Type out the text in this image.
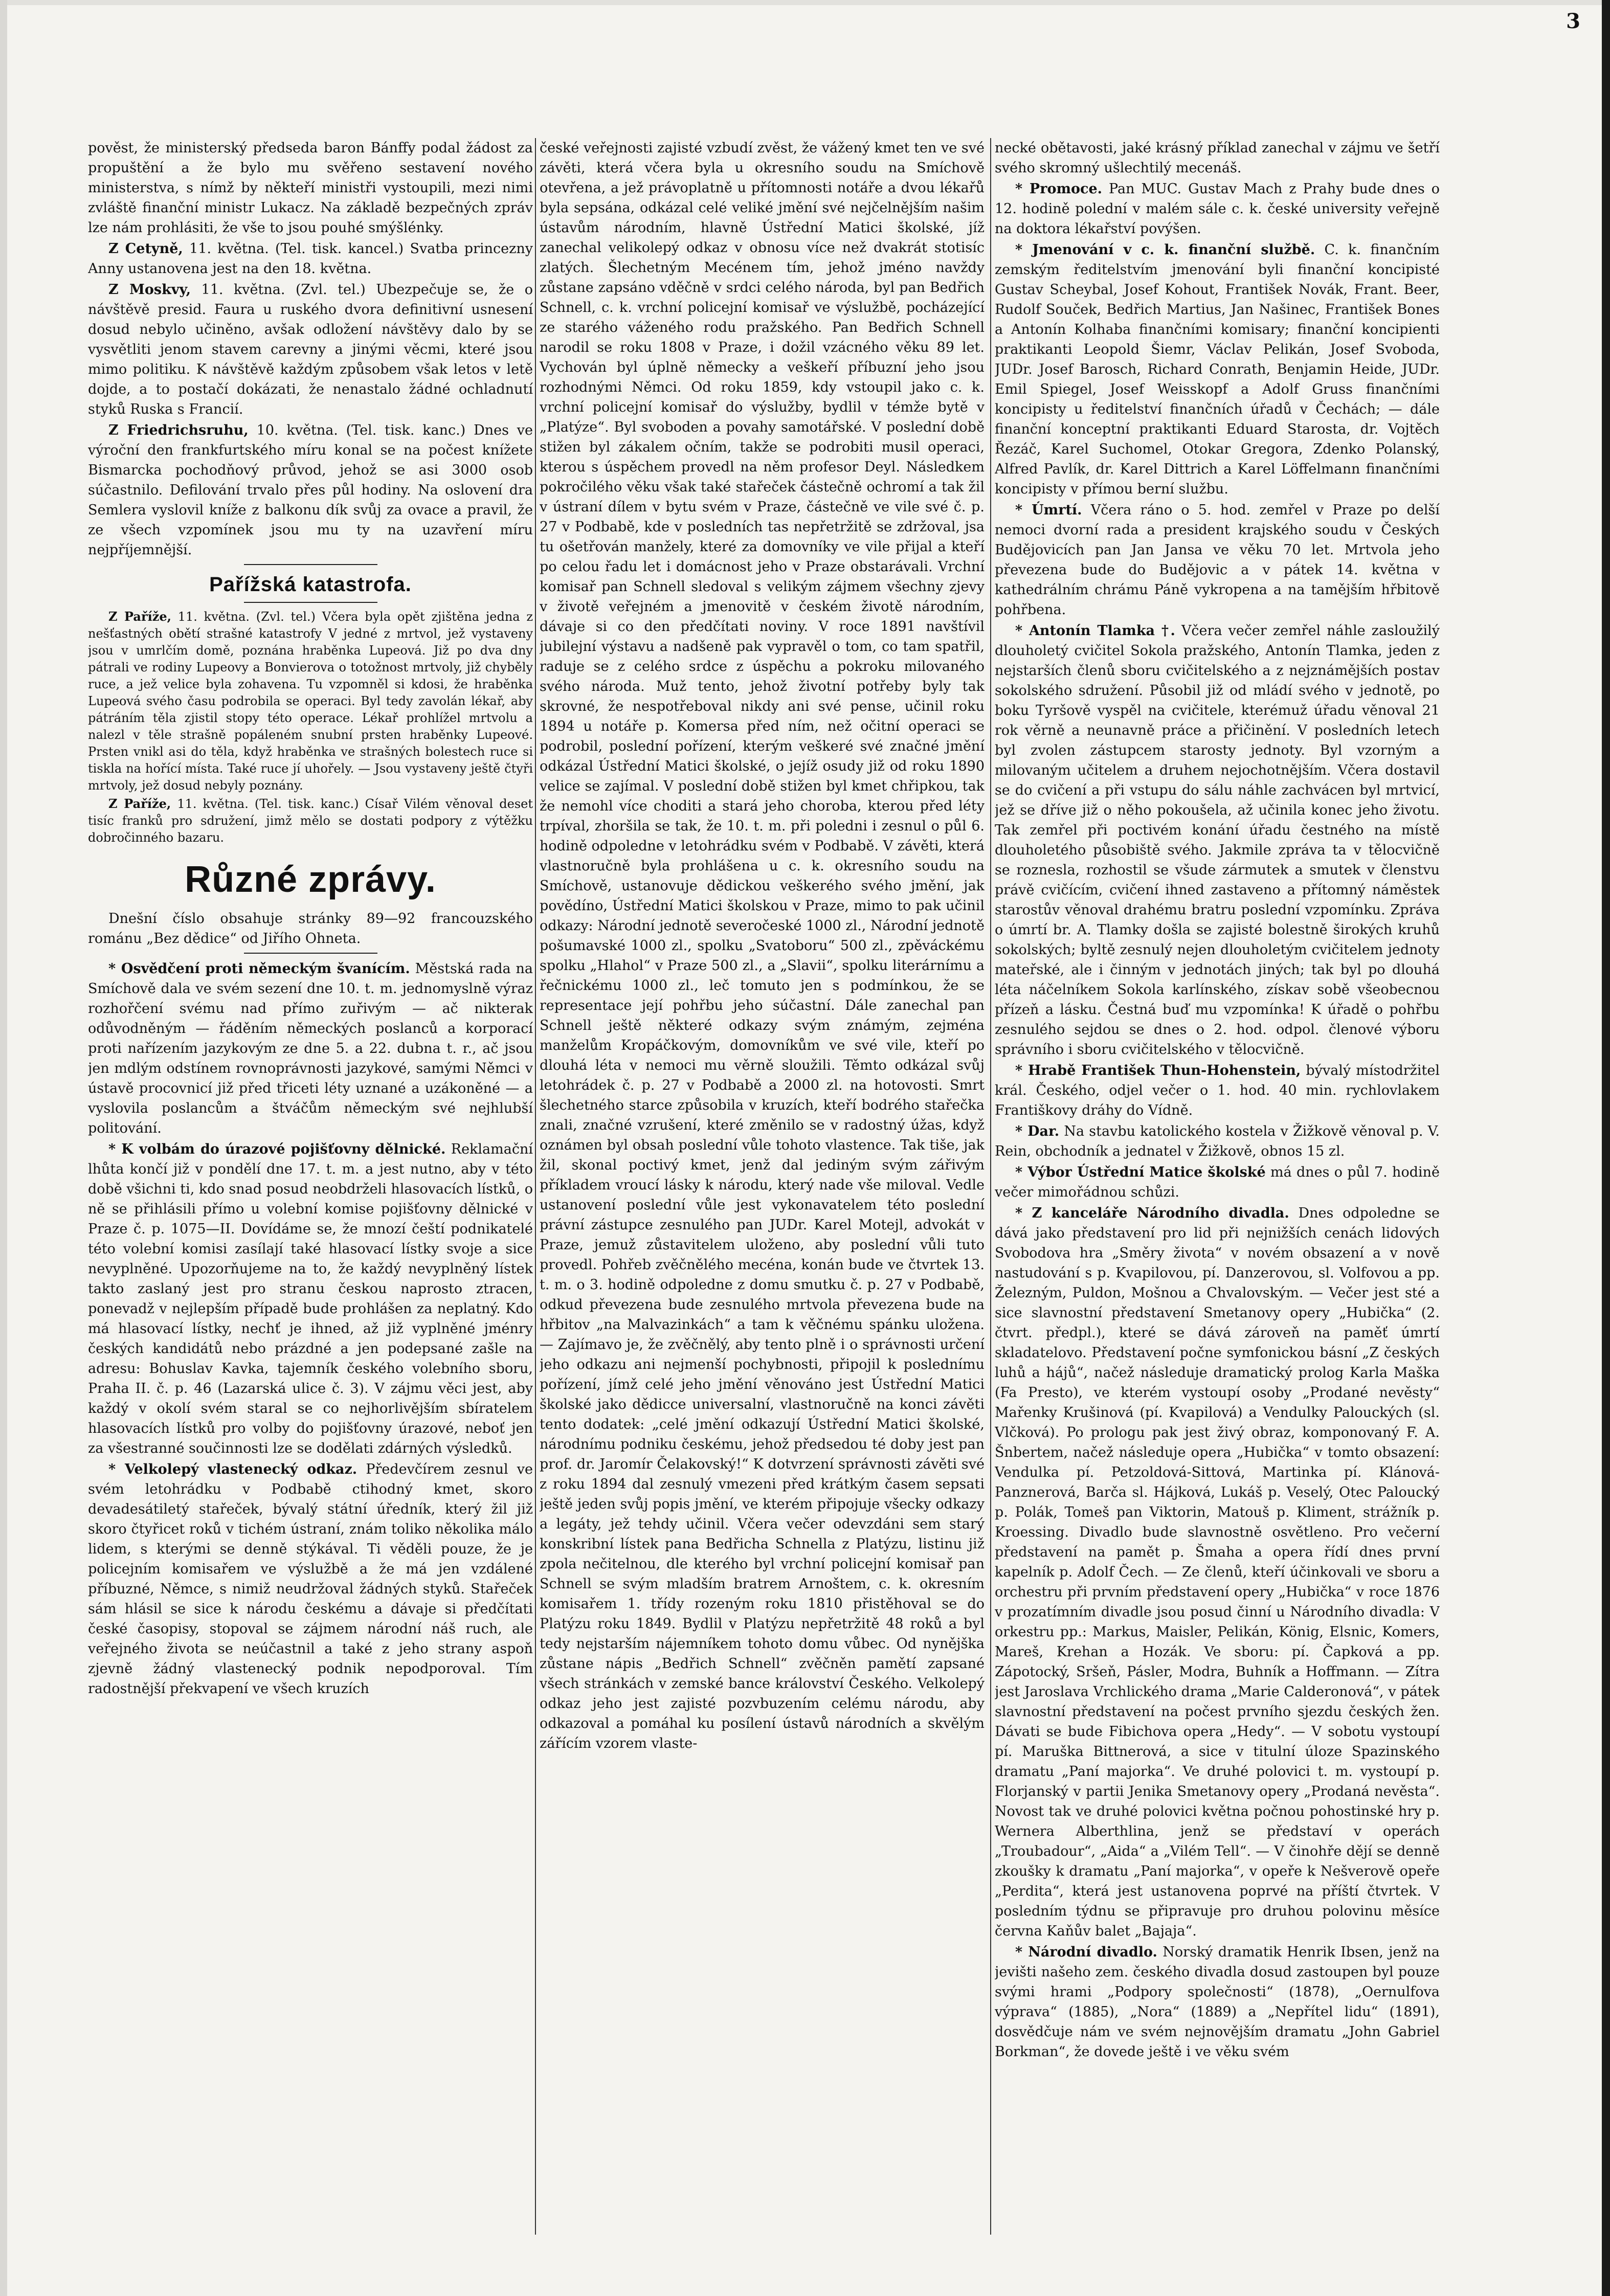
3

pověst, že ministerský předseda baron Bánffy podal žádost za propuštění a že bylo mu svěřeno sestavení nového ministerstva, s nímž by někteří ministři vystoupili, mezi nimi zvláště finanční ministr Lukacz. Na základě bezpečných zpráv lze nám prohlásiti, že vše to jsou pouhé smýšlénky.

Z Cetyně, 11. května. (Tel. tisk. kancel.) Svatba princezny Anny ustanovena jest na den 18. května.

Z Moskvy, 11. května. (Zvl. tel.) Ubezpečuje se, že o návštěvě presid. Faura u ruského dvora definitivní usnesení dosud nebylo učiněno, avšak odložení návštěvy dalo by se vysvětliti jenom stavem carevny a jinými věcmi, které jsou mimo politiku. K návštěvě každým způsobem však letos v letě dojde, a to postačí dokázati, že nenastalo žádné ochladnutí styků Ruska s Francií.

Z Friedrichsruhu, 10. května. (Tel. tisk. kanc.) Dnes ve výroční den frankfurtského míru konal se na počest knížete Bismarcka pochodňový průvod, jehož se asi 3000 osob súčastnilo. Defilování trvalo přes půl hodiny. Na oslovení dra Semlera vyslovil kníže z balkonu dík svůj za ovace a pravil, že ze všech vzpomínek jsou mu ty na uzavření míru nejpříjemnější.

Pařížská katastrofa.

Z Paříže, 11. května. (Zvl. tel.) Včera byla opět zjištěna jedna z nešťastných obětí strašné katastrofy V jedné z mrtvol, jež vystaveny jsou v umrlčím domě, poznána hraběnka Lupeová. Již po dva dny pátrali ve rodiny Lupeovy a Bonvierova o totožnost mrtvoly, již chyběly ruce, a jež velice byla zohavena. Tu vzpomněl si kdosi, že hraběnka Lupeová svého času podrobila se operaci. Byl tedy zavolán lékař, aby pátráním těla zjistil stopy této operace. Lékař prohlížel mrtvolu a nalezl v těle strašně popáleném snubní prsten hraběnky Lupeové. Prsten vnikl asi do těla, když hraběnka ve strašných bolestech ruce si tiskla na hořící místa. Také ruce jí uhořely. — Jsou vystaveny ještě čtyři mrtvoly, jež dosud nebyly poznány.

Z Paříže, 11. května. (Tel. tisk. kanc.) Císař Vilém věnoval deset tisíc franků pro sdružení, jimž mělo se dostati podpory z výtěžku dobročinného bazaru.

Různé zprávy.

Dnešní číslo obsahuje stránky 89—92 francouzského románu „Bez dědice“ od Jiřího Ohneta.

* Osvědčení proti německým švanícím. Městská rada na Smíchově dala ve svém sezení dne 10. t. m. jednomyslně výraz rozhořčení svému nad přímo zuřivým — ač nikterak odůvodněným — řáděním německých poslanců a korporací proti nařízením jazykovým ze dne 5. a 22. dubna t. r., ač jsou jen mdlým odstínem rovnoprávnosti jazykové, samými Němci v ústavě procovnicí již před třiceti léty uznané a uzákoněné — a vyslovila poslancům a štváčům německým své nejhlubší politování.

* K volbám do úrazové pojišťovny dělnické. Reklamační lhůta končí již v pondělí dne 17. t. m. a jest nutno, aby v této době všichni ti, kdo snad posud neobdrželi hlasovacích lístků, o ně se přihlásili přímo u volební komise pojišťovny dělnické v Praze č. p. 1075—II. Dovídáme se, že mnozí čeští podnikatelé této volební komisi zasílají také hlasovací lístky svoje a sice nevyplněné. Upozorňujeme na to, že každý nevyplněný lístek takto zaslaný jest pro stranu českou naprosto ztracen, ponevadž v nejlepším případě bude prohlášen za neplatný. Kdo má hlasovací lístky, nechť je ihned, až již vyplněné jménry českých kandidátů nebo prázdné a jen podepsané zašle na adresu: Bohuslav Kavka, tajemník českého volebního sboru, Praha II. č. p. 46 (Lazarská ulice č. 3). V zájmu věci jest, aby každý v okolí svém staral se co nejhorlivějším sbíratelem hlasovacích lístků pro volby do pojišťovny úrazové, neboť jen za všestranné součinnosti lze se dodělati zdárných výsledků.

* Velkolepý vlastenecký odkaz. Předevčírem zesnul ve svém letohrádku v Podbabě ctihodný kmet, skoro devadesátiletý stařeček, bývalý státní úředník, který žil již skoro čtyřicet roků v tichém ústraní, znám toliko několika málo lidem, s kterými se denně stýkával. Ti věděli pouze, že je policejním komisařem ve výslužbě a že má jen vzdálené příbuzné, Němce, s nimiž neudržoval žádných styků. Stařeček sám hlásil se sice k národu českému a dávaje si předčítati české časopisy, stopoval se zájmem národní náš ruch, ale veřejného života se neúčastnil a také z jeho strany aspoň zjevně žádný vlastenecký podnik nepodporoval. Tím radostnější překvapení ve všech kruzích

české veřejnosti zajisté vzbudí zvěst, že vážený kmet ten ve své závěti, která včera byla u okresního soudu na Smíchově otevřena, a jež právoplatně u přítomnosti notáře a dvou lékařů byla sepsána, odkázal celé veliké jmění své nejčelnějším našim ústavům národním, hlavně Ústřední Matici školské, jíž zanechal velikolepý odkaz v obnosu více než dvakrát stotisíc zlatých. Šlechetným Mecénem tím, jehož jméno navždy zůstane zapsáno vděčně v srdci celého národa, byl pan Bedřich Schnell, c. k. vrchní policejní komisař ve výslužbě, pocházející ze starého váženého rodu pražského. Pan Bedřich Schnell narodil se roku 1808 v Praze, i dožil vzácného věku 89 let. Vychován byl úplně německy a veškeří příbuzní jeho jsou rozhodnými Němci. Od roku 1859, kdy vstoupil jako c. k. vrchní policejní komisař do výslužby, bydlil v témže bytě v „Platýze“. Byl svoboden a povahy samotářské. V poslední době stižen byl zákalem očním, takže se podrobiti musil operaci, kterou s úspěchem provedl na něm profesor Deyl. Následkem pokročilého věku však také stařeček částečně ochromí a tak žil v ústraní dílem v bytu svém v Praze, částečně ve vile své č. p. 27 v Podbabě, kde v posledních tas nepřetržitě se zdržoval, jsa tu ošetřován manžely, které za domovníky ve vile přijal a kteří po celou řadu let i domácnost jeho v Praze obstarávali. Vrchní komisař pan Schnell sledoval s velikým zájmem všechny zjevy v životě veřejném a jmenovitě v českém životě národním, dávaje si co den předčítati noviny. V roce 1891 navštívil jubilejní výstavu a nadšeně pak vypravěl o tom, co tam spatřil, raduje se z celého srdce z úspěchu a pokroku milovaného svého národa. Muž tento, jehož životní potřeby byly tak skrovné, že nespotřeboval nikdy ani své pense, učinil roku 1894 u notáře p. Komersa před ním, než očitní operaci se podrobil, poslední pořízení, kterým veškeré své značné jmění odkázal Ústřední Matici školské, o jejíž osudy již od roku 1890 velice se zajímal. V poslední době stižen byl kmet chřipkou, tak že nemohl více choditi a stará jeho choroba, kterou před léty trpíval, zhoršila se tak, že 10. t. m. při poledni i zesnul o půl 6. hodině odpoledne v letohrádku svém v Podbabě. V závěti, která vlastnoručně byla prohlášena u c. k. okresního soudu na Smíchově, ustanovuje dědickou veškerého svého jmění, jak povědíno, Ústřední Matici školskou v Praze, mimo to pak učinil odkazy: Národní jednotě severočeské 1000 zl., Národní jednotě pošumavské 1000 zl., spolku „Svatoboru“ 500 zl., zpěváckému spolku „Hlahol“ v Praze 500 zl., a „Slavii“, spolku literárnímu a řečnickému 1000 zl., leč tomuto jen s podmínkou, že se representace její pohřbu jeho súčastní. Dále zanechal pan Schnell ještě některé odkazy svým známým, zejména manželům Kropáčkovým, domovníkům ve své vile, kteří po dlouhá léta v nemoci mu věrně sloužili. Těmto odkázal svůj letohrádek č. p. 27 v Podbabě a 2000 zl. na hotovosti. Smrt šlechetného starce způsobila v kruzích, kteří bodrého stařečka znali, značné vzrušení, které změnilo se v radostný úžas, když oznámen byl obsah poslední vůle tohoto vlastence. Tak tiše, jak žil, skonal poctivý kmet, jenž dal jediným svým zářivým příkladem vroucí lásky k národu, který nade vše miloval. Vedle ustanovení poslední vůle jest vykonavatelem této poslední právní zástupce zesnulého pan JUDr. Karel Motejl, advokát v Praze, jemuž zůstavitelem uloženo, aby poslední vůli tuto provedl. Pohřeb zvěčnělého mecéna, konán bude ve čtvrtek 13. t. m. o 3. hodině odpoledne z domu smutku č. p. 27 v Podbabě, odkud převezena bude zesnulého mrtvola převezena bude na hřbitov „na Malvazinkách“ a tam k věčnému spánku uložena. — Zajímavo je, že zvěčnělý, aby tento plně i o správnosti určení jeho odkazu ani nejmenší pochybnosti, připojil k poslednímu pořízení, jímž celé jeho jmění věnováno jest Ústřední Matici školské jako dědicce universalní, vlastnoručně na konci závěti tento dodatek: „celé jmění odkazují Ústřední Matici školské, národnímu podniku českému, jehož předsedou té doby jest pan prof. dr. Jaromír Čelakovský!“ K dotvrzení správnosti závěti své z roku 1894 dal zesnulý vmezeni před krátkým časem sepsati ještě jeden svůj popis jmění, ve kterém připojuje všecky odkazy a legáty, jež tehdy učinil. Včera večer odevzdáni sem starý konskribní lístek pana Bedřicha Schnella z Platýzu, listinu již zpola nečitelnou, dle kterého byl vrchní policejní komisař pan Schnell se svým mladším bratrem Arnoštem, c. k. okresním komisařem 1. třídy rozeným roku 1810 přistěhoval se do Platýzu roku 1849. Bydlil v Platýzu nepřetržitě 48 roků a byl tedy nejstarším nájemníkem tohoto domu vůbec. Od nynějška zůstane nápis „Bedřich Schnell“ zvěčněn pamětí zapsané všech stránkách v zemské bance království Českého. Velkolepý odkaz jeho jest zajisté pozvbuzením celému národu, aby odkazoval a pomáhal ku posílení ústavů národních a skvělým zářícím vzorem vlaste-

necké obětavosti, jaké krásný příklad zanechal v zájmu ve šetří svého skromný ušlechtilý mecenáš.

* Promoce. Pan MUC. Gustav Mach z Prahy bude dnes o 12. hodině polední v malém sále c. k. české university veřejně na doktora lékařství povýšen.

* Jmenování v c. k. finanční službě. C. k. finančním zemským ředitelstvím jmenování byli finanční koncipisté Gustav Scheybal, Josef Kohout, František Novák, Frant. Beer, Rudolf Souček, Bedřich Martius, Jan Našinec, František Bones a Antonín Kolhaba finančními komisary; finanční koncipienti praktikanti Leopold Šiemr, Václav Pelikán, Josef Svoboda, JUDr. Josef Barosch, Richard Conrath, Benjamin Heide, JUDr. Emil Spiegel, Josef Weisskopf a Adolf Gruss finančními koncipisty u ředitelství finančních úřadů v Čechách; — dále finanční konceptní praktikanti Eduard Starosta, dr. Vojtěch Řezáč, Karel Suchomel, Otokar Gregora, Zdenko Polanský, Alfred Pavlík, dr. Karel Dittrich a Karel Löffelmann finančními koncipisty v přímou berní službu.

* Úmrtí. Včera ráno o 5. hod. zemřel v Praze po delší nemoci dvorní rada a president krajského soudu v Českých Budějovicích pan Jan Jansa ve věku 70 let. Mrtvola jeho převezena bude do Budějovic a v pátek 14. května v kathedrálním chrámu Páně vykropena a na tamějším hřbitově pohřbena.

* Antonín Tlamka †. Včera večer zemřel náhle zasloužilý dlouholetý cvičitel Sokola pražského, Antonín Tlamka, jeden z nejstarších členů sboru cvičitelského a z nejznámějších postav sokolského sdružení. Působil již od mládí svého v jednotě, po boku Tyršově vyspěl na cvičitele, kterémuž úřadu věnoval 21 rok věrně a neunavně práce a přičinění. V posledních letech byl zvolen zástupcem starosty jednoty. Byl vzorným a milovaným učitelem a druhem nejochotnějším. Včera dostavil se do cvičení a při vstupu do sálu náhle zachvácen byl mrtvicí, jež se dříve již o něho pokoušela, až učinila konec jeho životu. Tak zemřel při poctivém konání úřadu čestného na místě dlouholetého působiště svého. Jakmile zpráva ta v tělocvičně se roznesla, rozhostil se všude zármutek a smutek v členstvu právě cvičícím, cvičení ihned zastaveno a přítomný náměstek starostův věnoval drahému bratru poslední vzpomínku. Zpráva o úmrtí br. A. Tlamky došla se zajisté bolestně širokých kruhů sokolských; byltě zesnulý nejen dlouholetým cvičitelem jednoty mateřské, ale i činným v jednotách jiných; tak byl po dlouhá léta náčelníkem Sokola karlínského, získav sobě všeobecnou přízeň a lásku. Čestná buď mu vzpomínka! K úřadě o pohřbu zesnulého sejdou se dnes o 2. hod. odpol. členové výboru správního i sboru cvičitelského v tělocvičně.

* Hrabě František Thun-Hohenstein, bývalý místodržitel král. Českého, odjel večer o 1. hod. 40 min. rychlovlakem Františkovy dráhy do Vídně.

* Dar. Na stavbu katolického kostela v Žižkově věnoval p. V. Rein, obchodník a jednatel v Žižkově, obnos 15 zl.

* Výbor Ústřední Matice školské má dnes o půl 7. hodině večer mimořádnou schůzi.

* Z kanceláře Národního divadla. Dnes odpoledne se dává jako představení pro lid při nejnižších cenách lidových Svobodova hra „Směry života“ v novém obsazení a v nově nastudování s p. Kvapilovou, pí. Danzerovou, sl. Volfovou a pp. Železným, Puldon, Mošnou a Chvalovským. — Večer jest sté a sice slavnostní představení Smetanovy opery „Hubička“ (2. čtvrt. předpl.), které se dává zároveň na paměť úmrtí skladatelovo. Představení počne symfonickou básní „Z českých luhů a hájů“, načež následuje dramatický prolog Karla Maška (Fa Presto), ve kterém vystoupí osoby „Prodané nevěsty“ Mařenky Krušinová (pí. Kvapilová) a Vendulky Palouckých (sl. Vlčková). Po prologu pak jest živý obraz, komponovaný F. A. Šnbertem, načež následuje opera „Hubička“ v tomto obsazení: Vendulka pí. Petzoldová-Sittová, Martinka pí. Klánová-Panznerová, Barča sl. Hájková, Lukáš p. Veselý, Otec Paloucký p. Polák, Tomeš pan Viktorin, Matouš p. Kliment, strážník p. Kroessing. Divadlo bude slavnostně osvětleno. Pro večerní představení na pamět p. Šmaha a opera řídí dnes první kapelník p. Adolf Čech. — Ze členů, kteří účinkovali ve sboru a orchestru při prvním představení opery „Hubička“ v roce 1876 v prozatímním divadle jsou posud činní u Národního divadla: V orkestru pp.: Markus, Maisler, Pelikán, König, Elsnic, Komers, Mareš, Krehan a Hozák. Ve sboru: pí. Čapková a pp. Zápotocký, Sršeň, Pásler, Modra, Buhník a Hoffmann. — Zítra jest Jaroslava Vrchlického drama „Marie Calderonová“, v pátek slavnostní představení na počest prvního sjezdu českých žen. Dávati se bude Fibichova opera „Hedy“. — V sobotu vystoupí pí. Maruška Bittnerová, a sice v titulní úloze Spazinského dramatu „Paní majorka“. Ve druhé polovici t. m. vystoupí p. Florjanský v partii Jenika Smetanovy opery „Prodaná nevěsta“. Novost tak ve druhé polovici května počnou pohostinské hry p. Wernera Alberthlina, jenž se představí v operách „Troubadour“, „Aida“ a „Vilém Tell“. — V činohře dějí se denně zkoušky k dramatu „Paní majorka“, v opeře k Nešverově opeře „Perdita“, která jest ustanovena poprvé na příští čtvrtek. V posledním týdnu se připravuje pro druhou polovinu měsíce června Kaňův balet „Bajaja“.

* Národní divadlo. Norský dramatik Henrik Ibsen, jenž na jevišti našeho zem. českého divadla dosud zastoupen byl pouze svými hrami „Podpory společnosti“ (1878), „Oernulfova výprava“ (1885), „Nora“ (1889) a „Nepřítel lidu“ (1891), dosvědčuje nám ve svém nejnovějším dramatu „John Gabriel Borkman“, že dovede ještě i ve věku svém
